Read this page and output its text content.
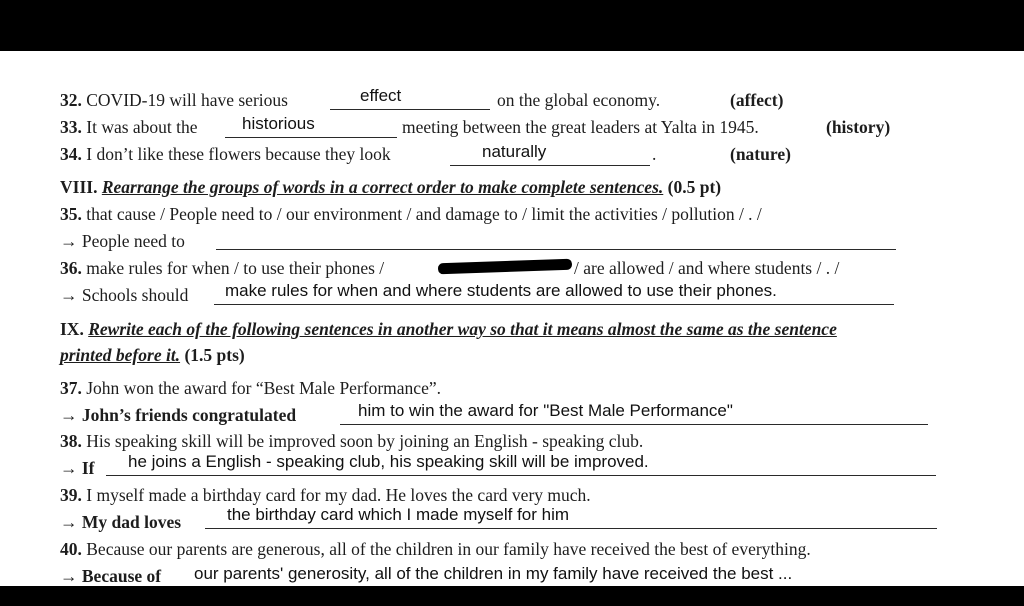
32. COVID-19 will have serious	effect	on the global economy.	(affect)
33. It was about the	historious	meeting between the great leaders at Yalta in 1945.	(history)
34. I don’t like these flowers because they look	naturally	.	(nature)
VIII. Rearrange the groups of words in a correct order to make complete sentences. (0.5 pt)
35. that cause / People need to / our environment / and damage to / limit the activities / pollution / . /
→ People need to
36. make rules for when / to use their phones /	/ are allowed / and where students / . /
→ Schools should	make rules for when and where students are allowed to use their phones.
IX. Rewrite each of the following sentences in another way so that it means almost the same as the sentence
printed before it. (1.5 pts)
37. John won the award for “Best Male Performance”.
→ John’s friends congratulated	him to win the award for "Best Male Performance"
38. His speaking skill will be improved soon by joining an English - speaking club.
→ If	he joins a English - speaking club, his speaking skill will be improved.
39. I myself made a birthday card for my dad. He loves the card very much.
→ My dad loves	the birthday card which I made myself for him
40. Because our parents are generous, all of the children in our family have received the best of everything.
→ Because of	our parents' generosity, all of the children in my family have received the best ...
